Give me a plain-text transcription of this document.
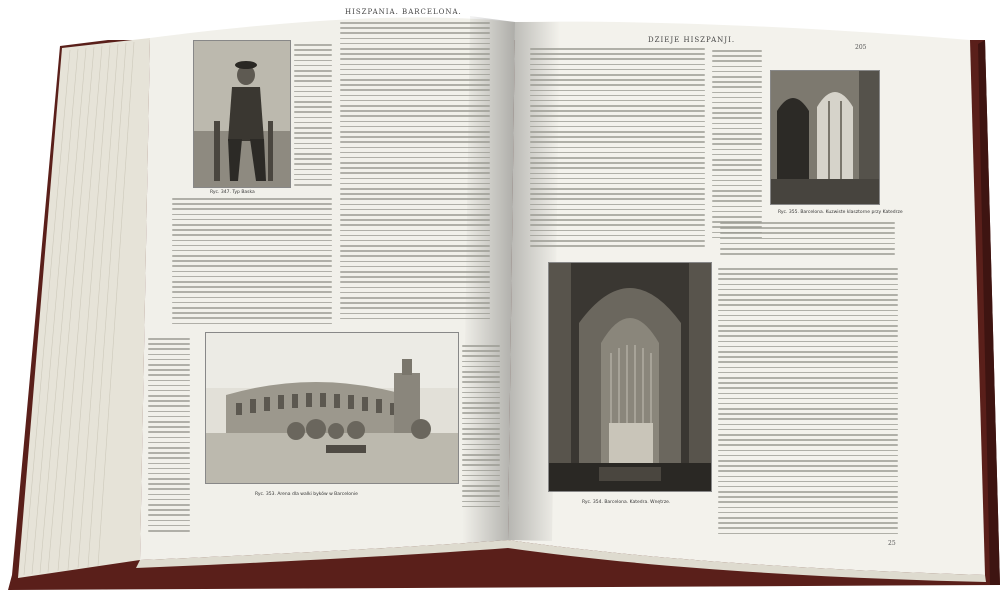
HISZPANIA. BARCELONA.
Ryc. 347. Typ Baska
Ryc. 353. Arena dla walki byków w Barcelonie
DZIEJE HISZPANJI.
205
Ryc. 355. Barcelona. Kuzwiste klasztorne przy Katedrze
Ryc. 354. Barcelona. Katedra. Wnętrze.
25
